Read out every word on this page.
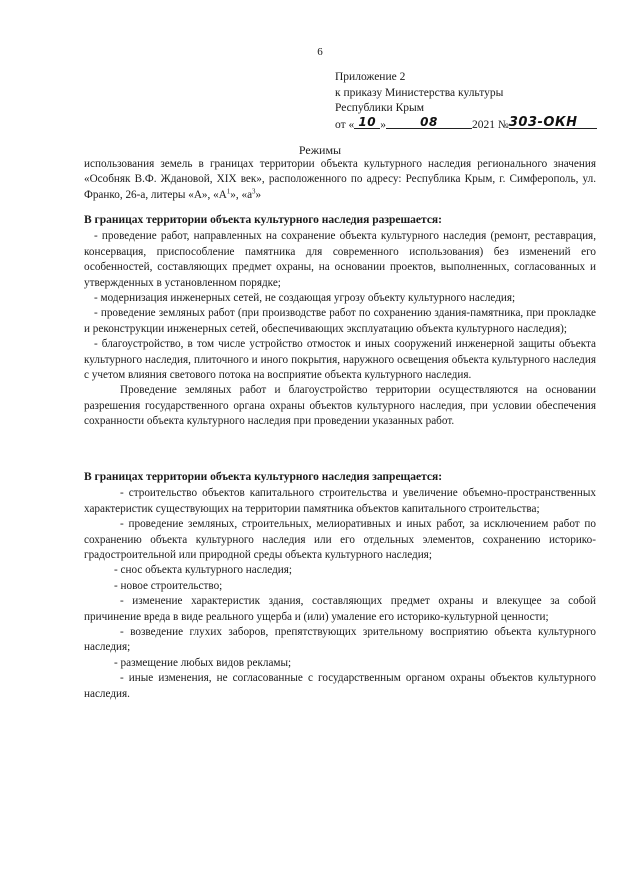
6
Приложение 2
к приказу Министерства культуры
Республики Крым
от « 10 »	08	2021 №303-ОКН
Режимы
использования земель в границах территории объекта культурного наследия регионального значения «Особняк В.Ф. Ждановой, XIX век», расположенного по адресу: Республика Крым, г. Симферополь, ул. Франко, 26-а, литеры «А», «$А^1$», «$а^3$»
В границах территории объекта культурного наследия разрешается:

- проведение работ, направленных на сохранение объекта культурного наследия (ремонт, реставрация, консервация, приспособление памятника для современного использования) без изменений его особенностей, составляющих предмет охраны, на основании проектов, выполненных, согласованных и утвержденных в установленном порядке;

- модернизация инженерных сетей, не создающая угрозу объекту культурного наследия;

- проведение земляных работ (при производстве работ по сохранению здания-памятника, при прокладке и реконструкции инженерных сетей, обеспечивающих эксплуатацию объекта культурного наследия);

- благоустройство, в том числе устройство отмосток и иных сооружений инженерной защиты объекта культурного наследия, плиточного и иного покрытия, наружного освещения объекта культурного наследия с учетом влияния светового потока на восприятие объекта культурного наследия.

Проведение земляных работ и благоустройство территории осуществляются на основании разрешения государственного органа охраны объектов культурного наследия, при условии обеспечения сохранности объекта культурного наследия при проведении указанных работ.

В границах территории объекта культурного наследия запрещается:

- строительство объектов капитального строительства и увеличение объемно-пространственных характеристик существующих на территории памятника объектов капитального строительства;

- проведение земляных, строительных, мелиоративных и иных работ, за исключением работ по сохранению объекта культурного наследия или его отдельных элементов, сохранению историко-градостроительной или природной среды объекта культурного наследия;

- снос объекта культурного наследия;

- новое строительство;

- изменение характеристик здания, составляющих предмет охраны и влекущее за собой причинение вреда в виде реального ущерба и (или) умаление его историко-культурной ценности;

- возведение глухих заборов, препятствующих зрительному восприятию объекта культурного наследия;

- размещение любых видов рекламы;

- иные изменения, не согласованные с государственным органом охраны объектов культурного наследия.
